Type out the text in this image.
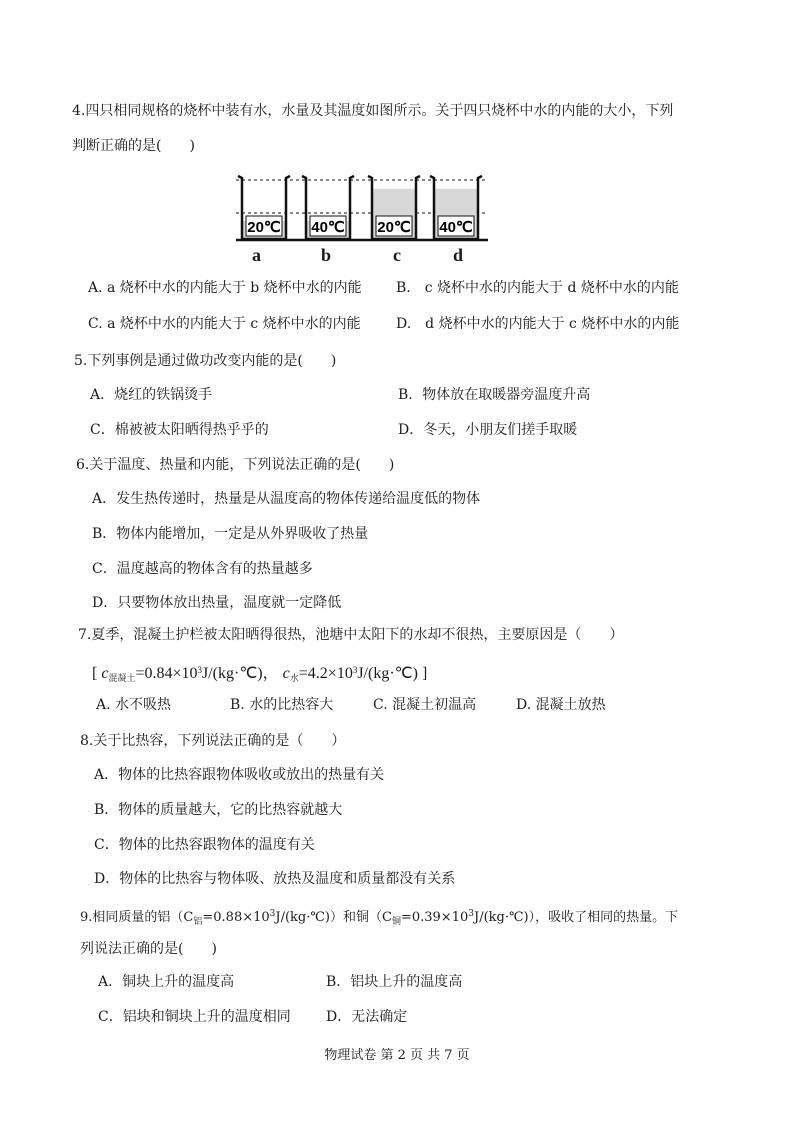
4.四只相同规格的烧杯中装有水，水量及其温度如图所示。关于四只烧杯中水的内能的大小，下列
判断正确的是(　　)
20℃ 40℃ 20℃ 40℃
a	b	c	d
A. a 烧杯中水的内能大于 b 烧杯中水的内能 B.　c 烧杯中水的内能大于 d 烧杯中水的内能
C. a 烧杯中水的内能大于 c 烧杯中水的内能	D.　d 烧杯中水的内能大于 c 烧杯中水的内能
5.下列事例是通过做功改变内能的是(　　)
A．烧红的铁锅烫手	B．物体放在取暖器旁温度升高
C．棉被被太阳晒得热乎乎的	D．冬天，小朋友们搓手取暖
6.关于温度、热量和内能，下列说法正确的是(　　)
A．发生热传递时，热量是从温度高的物体传递给温度低的物体
B．物体内能增加，一定是从外界吸收了热量
C．温度越高的物体含有的热量越多
D．只要物体放出热量，温度就一定降低
7.夏季，混凝土护栏被太阳晒得很热，池塘中太阳下的水却不很热，主要原因是（　　）
[ $c_{混凝土}=0.84\times 10^3J/(kg\cdot℃)$， $c_水=4.2\times 10^3J/(kg\cdot℃)$ ]
A. 水不吸热	B. 水的比热容大	C. 混凝土初温高	D. 混凝土放热
8.关于比热容，下列说法正确的是（　　）
A．物体的比热容跟物体吸收或放出的热量有关
B．物体的质量越大，它的比热容就越大
C．物体的比热容跟物体的温度有关
D．物体的比热容与物体吸、放热及温度和质量都没有关系
9.相同质量的铝$(C_铝=0.88\times 10^3J/(kg\cdot℃))$和铜$(C_铜=0.39\times 10^3J/(kg\cdot℃))$，吸收了相同的热量。下
列说法正确的是(　　)
A．铜块上升的温度高	B．铝块上升的温度高
C．铝块和铜块上升的温度相同	D．无法确定
物理试卷 第 2 页 共 7 页
